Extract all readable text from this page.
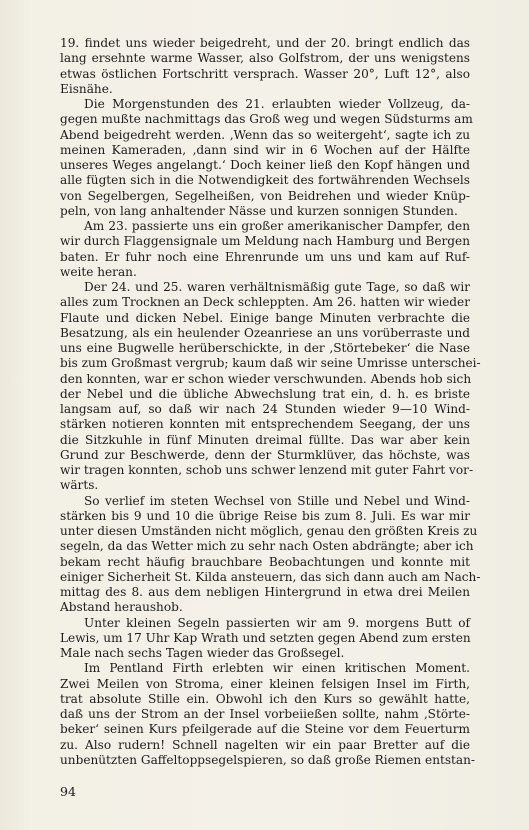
19. findet uns wieder beigedreht, und der 20. bringt endlich das
lang ersehnte warme Wasser, also Golfstrom, der uns wenigstens
etwas östlichen Fortschritt versprach. Wasser 20°, Luft 12°, also
Eisnähe.
Die Morgenstunden des 21. erlaubten wieder Vollzeug, da-
gegen mußte nachmittags das Groß weg und wegen Südsturms am
Abend beigedreht werden. ‚Wenn das so weitergeht‘, sagte ich zu
meinen Kameraden, ‚dann sind wir in 6 Wochen auf der Hälfte
unseres Weges angelangt.‘ Doch keiner ließ den Kopf hängen und
alle fügten sich in die Notwendigkeit des fortwährenden Wechsels
von Segelbergen, Segelheißen, von Beidrehen und wieder Knüp-
peln, von lang anhaltender Nässe und kurzen sonnigen Stunden.
Am 23. passierte uns ein großer amerikanischer Dampfer, den
wir durch Flaggensignale um Meldung nach Hamburg und Bergen
baten. Er fuhr noch eine Ehrenrunde um uns und kam auf Ruf-
weite heran.
Der 24. und 25. waren verhältnismäßig gute Tage, so daß wir
alles zum Trocknen an Deck schleppten. Am 26. hatten wir wieder
Flaute und dicken Nebel. Einige bange Minuten verbrachte die
Besatzung, als ein heulender Ozeanriese an uns vorüberraste und
uns eine Bugwelle herüberschickte, in der ‚Störtebeker‘ die Nase
bis zum Großmast vergrub; kaum daß wir seine Umrisse unterschei-
den konnten, war er schon wieder verschwunden. Abends hob sich
der Nebel und die übliche Abwechslung trat ein, d. h. es briste
langsam auf, so daß wir nach 24 Stunden wieder 9—10 Wind-
stärken notieren konnten mit entsprechendem Seegang, der uns
die Sitzkuhle in fünf Minuten dreimal füllte. Das war aber kein
Grund zur Beschwerde, denn der Sturmklüver, das höchste, was
wir tragen konnten, schob uns schwer lenzend mit guter Fahrt vor-
wärts.
So verlief im steten Wechsel von Stille und Nebel und Wind-
stärken bis 9 und 10 die übrige Reise bis zum 8. Juli. Es war mir
unter diesen Umständen nicht möglich, genau den größten Kreis zu
segeln, da das Wetter mich zu sehr nach Osten abdrängte; aber ich
bekam recht häufig brauchbare Beobachtungen und konnte mit
einiger Sicherheit St. Kilda ansteuern, das sich dann auch am Nach-
mittag des 8. aus dem nebligen Hintergrund in etwa drei Meilen
Abstand heraushob.
Unter kleinen Segeln passierten wir am 9. morgens Butt of
Lewis, um 17 Uhr Kap Wrath und setzten gegen Abend zum ersten
Male nach sechs Tagen wieder das Großsegel.
Im Pentland Firth erlebten wir einen kritischen Moment.
Zwei Meilen von Stroma, einer kleinen felsigen Insel im Firth,
trat absolute Stille ein. Obwohl ich den Kurs so gewählt hatte,
daß uns der Strom an der Insel vorbeiießen sollte, nahm ‚Störte-
beker‘ seinen Kurs pfeilgerade auf die Steine vor dem Feuerturm
zu. Also rudern! Schnell nagelten wir ein paar Bretter auf die
unbenützten Gaffeltoppsegelspieren, so daß große Riemen entstan-
94
